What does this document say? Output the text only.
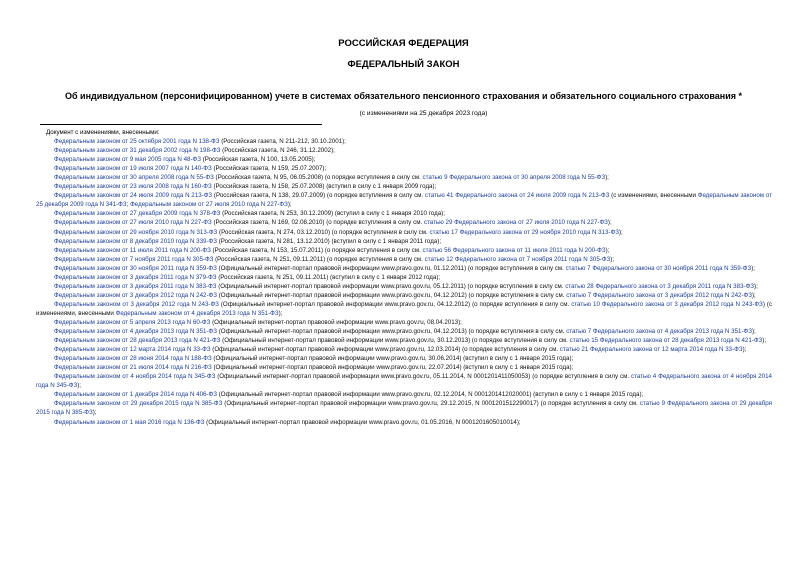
РОССИЙСКАЯ ФЕДЕРАЦИЯ
ФЕДЕРАЛЬНЫЙ ЗАКОН
Об индивидуальном (персонифицированном) учете в системах обязательного пенсионного страхования и обязательного социального страхования *
(с изменениями на 25 декабря 2023 года)
Документ с изменениями, внесенными:

Федеральным законом от 25 октября 2001 года N 138-ФЗ (Российская газета, N 211-212, 30.10.2001);

Федеральным законом от 31 декабря 2002 года N 198-ФЗ (Российская газета, N 246, 31.12.2002);

Федеральным законом от 9 мая 2005 года N 48-ФЗ (Российская газета, N 100, 13.05.2005);

Федеральным законом от 19 июля 2007 года N 140-ФЗ (Российская газета, N 159, 25.07.2007);

Федеральным законом от 30 апреля 2008 года N 55-ФЗ (Российская газета, N 95, 06.05.2008) (о порядке вступления в силу см. статью 9 Федерального закона от 30 апреля 2008 года N 55-ФЗ);

Федеральным законом от 23 июля 2008 года N 160-ФЗ (Российская газета, N 158, 25.07.2008) (вступил в силу с 1 января 2009 года);

Федеральным законом от 24 июля 2009 года N 213-ФЗ (Российская газета, N 138, 29.07.2009) (о порядке вступления в силу см. статью 41 Федерального закона от 24 июля 2009 года N 213-ФЗ (с изменениями, внесенными Федеральным законом от 25 декабря 2009 года N 341-ФЗ; Федеральным законом от 27 июля 2010 года N 227-ФЗ);

Федеральным законом от 27 декабря 2009 года N 378-ФЗ (Российская газета, N 253, 30.12.2009) (вступил в силу с 1 января 2010 года);

Федеральным законом от 27 июля 2010 года N 227-ФЗ (Российская газета, N 169, 02.08.2010) (о порядке вступления в силу см. статью 29 Федерального закона от 27 июля 2010 года N 227-ФЗ);

Федеральным законом от 29 ноября 2010 года N 313-ФЗ (Российская газета, N 274, 03.12.2010) (о порядке вступления в силу см. статью 17 Федерального закона от 29 ноября 2010 года N 313-ФЗ);

Федеральным законом от 8 декабря 2010 года N 339-ФЗ (Российская газета, N 281, 13.12.2010) (вступил в силу с 1 января 2011 года);

Федеральным законом от 11 июля 2011 года N 200-ФЗ (Российская газета, N 153, 15.07.2011) (о порядке вступления в силу см. статью 56 Федерального закона от 11 июля 2011 года N 200-ФЗ);

Федеральным законом от 7 ноября 2011 года N 305-ФЗ (Российская газета, N 251, 09.11.2011) (о порядке вступления в силу см. статью 12 Федерального закона от 7 ноября 2011 года N 305-ФЗ);

Федеральным законом от 30 ноября 2011 года N 359-ФЗ (Официальный интернет-портал правовой информации www.pravo.gov.ru, 01.12.2011) (о порядке вступления в силу см. статью 7 Федерального закона от 30 ноября 2011 года N 359-ФЗ);

Федеральным законом от 3 декабря 2011 года N 379-ФЗ (Российская газета, N 251, 09.11.2011) (вступил в силу с 1 января 2012 года);

Федеральным законом от 3 декабря 2011 года N 383-ФЗ (Официальный интернет-портал правовой информации www.pravo.gov.ru, 05.12.2011) (о порядке вступления в силу см. статью 28 Федерального закона от 3 декабря 2011 года N 383-ФЗ);

Федеральным законом от 3 декабря 2012 года N 242-ФЗ (Официальный интернет-портал правовой информации www.pravo.gov.ru, 04.12.2012) (о порядке вступления в силу см. статью 7 Федерального закона от 3 декабря 2012 года N 242-ФЗ);

Федеральным законом от 3 декабря 2012 года N 243-ФЗ (Официальный интернет-портал правовой информации www.pravo.gov.ru, 04.12.2012) (о порядке вступления в силу см. статью 10 Федерального закона от 3 декабря 2012 года N 243-ФЗ) (с изменениями, внесенными Федеральным законом от 4 декабря 2013 года N 351-ФЗ);

Федеральным законом от 5 апреля 2013 года N 60-ФЗ (Официальный интернет-портал правовой информации www.pravo.gov.ru, 08.04.2013);

Федеральным законом от 4 декабря 2013 года N 351-ФЗ (Официальный интернет-портал правовой информации www.pravo.gov.ru, 04.12.2013) (о порядке вступления в силу см. статью 7 Федерального закона от 4 декабря 2013 года N 351-ФЗ);

Федеральным законом от 28 декабря 2013 года N 421-ФЗ (Официальный интернет-портал правовой информации www.pravo.gov.ru, 30.12.2013) (о порядке вступления в силу см. статью 15 Федерального закона от 28 декабря 2013 года N 421-ФЗ);

Федеральным законом от 12 марта 2014 года N 33-ФЗ (Официальный интернет-портал правовой информации www.pravo.gov.ru, 12.03.2014) (о порядке вступления в силу см. статью 21 Федерального закона от 12 марта 2014 года N 33-ФЗ);

Федеральным законом от 28 июня 2014 года N 188-ФЗ (Официальный интернет-портал правовой информации www.pravo.gov.ru, 30.06.2014) (вступил в силу с 1 января 2015 года);

Федеральным законом от 21 июля 2014 года N 216-ФЗ (Официальный интернет-портал правовой информации www.pravo.gov.ru, 22.07.2014) (вступил в силу с 1 января 2015 года);

Федеральным законом от 4 ноября 2014 года N 345-ФЗ (Официальный интернет-портал правовой информации www.pravo.gov.ru, 05.11.2014, N 0001201411050053) (о порядке вступления в силу см. статью 4 Федерального закона от 4 ноября 2014 года N 345-ФЗ);

Федеральным законом от 1 декабря 2014 года N 406-ФЗ (Официальный интернет-портал правовой информации www.pravo.gov.ru, 02.12.2014, N 0001201412020001) (вступил в силу с 1 января 2015 года);

Федеральным законом от 29 декабря 2015 года N 385-ФЗ (Официальный интернет-портал правовой информации www.pravo.gov.ru, 29.12.2015, N 0001201512290017) (о порядке вступления в силу см. статью 9 Федерального закона от 29 декабря 2015 года N 385-ФЗ);

Федеральным законом от 1 мая 2016 года N 136-ФЗ (Официальный интернет-портал правовой информации www.pravo.gov.ru, 01.05.2016, N 0001201605010014);
